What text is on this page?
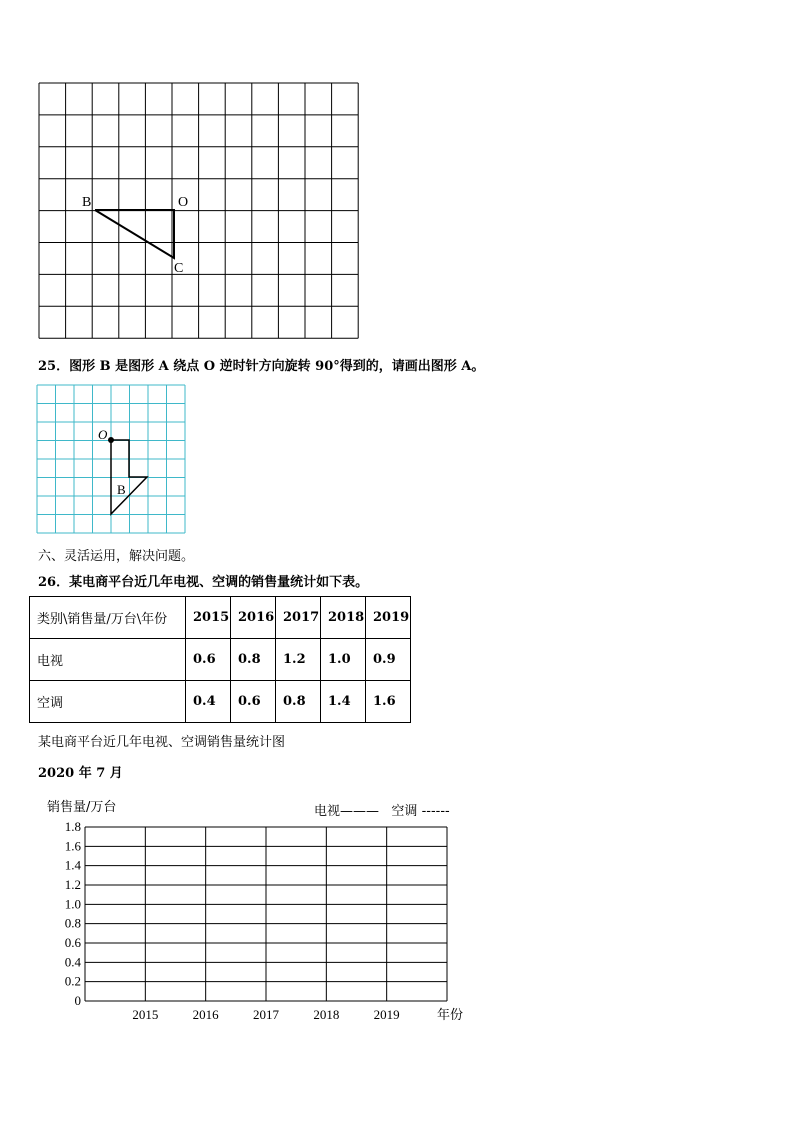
B	O
C
25．图形 B 是图形 A 绕点 O 逆时针方向旋转 90°得到的，请画出图形 A。
O
B
六、灵活运用，解决问题。
26．某电商平台近几年电视、空调的销售量统计如下表。
类别\销售量/万台\年份	2015	2016	2017	2018	2019
电视	0.6	0.8	1.2	1.0	0.9
空调	0.4	0.6	0.8	1.4	1.6
某电商平台近几年电视、空调销售量统计图
2020 年 7 月
销售量/万台	电视——— 空调 ------
1.8
1.6
1.4
1.2
1.0
0.8
0.6
0.4
0.2
0
2015	2016	2017	2018	2019	年份
